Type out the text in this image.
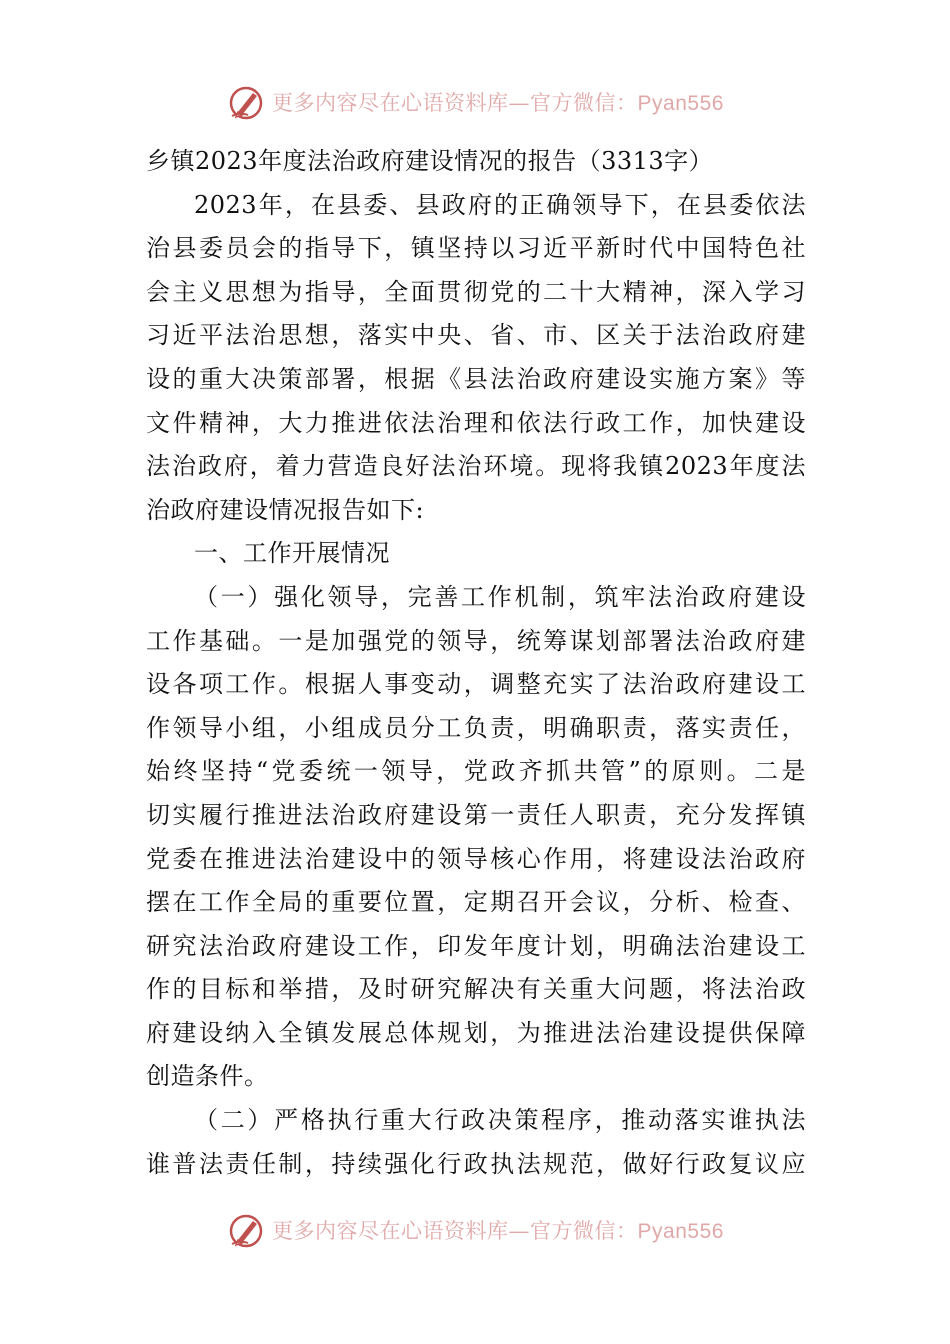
更多内容尽在心语资料库—官方微信：Pyan556
乡镇2023年度法治政府建设情况的报告（3313字）
2023年，在县委、县政府的正确领导下，在县委依法
治县委员会的指导下，镇坚持以习近平新时代中国特色社
会主义思想为指导，全面贯彻党的二十大精神，深入学习
习近平法治思想，落实中央、省、市、区关于法治政府建
设的重大决策部署，根据《县法治政府建设实施方案》等
文件精神，大力推进依法治理和依法行政工作，加快建设
法治政府，着力营造良好法治环境。现将我镇2023年度法
治政府建设情况报告如下:
一、工作开展情况
（一）强化领导，完善工作机制，筑牢法治政府建设
工作基础。一是加强党的领导，统筹谋划部署法治政府建
设各项工作。根据人事变动，调整充实了法治政府建设工
作领导小组，小组成员分工负责，明确职责，落实责任，
始终坚持“党委统一领导，党政齐抓共管”的原则。二是
切实履行推进法治政府建设第一责任人职责，充分发挥镇
党委在推进法治建设中的领导核心作用，将建设法治政府
摆在工作全局的重要位置，定期召开会议，分析、检查、
研究法治政府建设工作，印发年度计划，明确法治建设工
作的目标和举措，及时研究解决有关重大问题，将法治政
府建设纳入全镇发展总体规划，为推进法治建设提供保障
创造条件。
（二）严格执行重大行政决策程序，推动落实谁执法
谁普法责任制，持续强化行政执法规范，做好行政复议应
更多内容尽在心语资料库—官方微信：Pyan556
